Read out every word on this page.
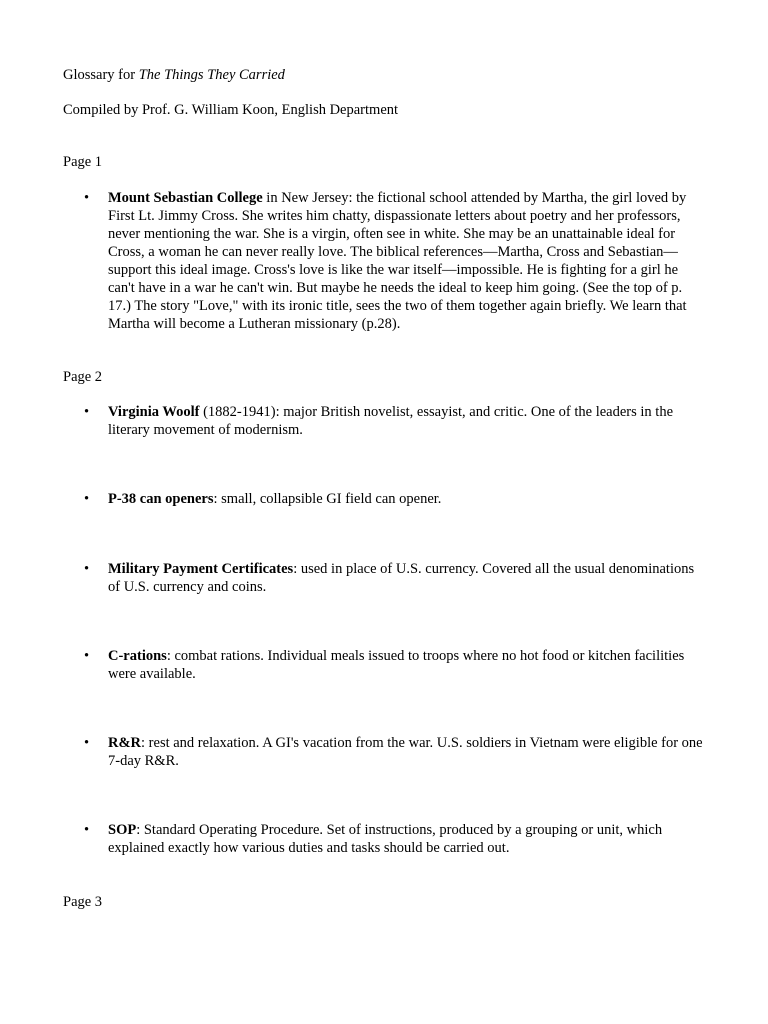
Glossary for The Things They Carried
Compiled by Prof. G. William Koon, English Department
Page 1
•	Mount Sebastian College in New Jersey: the fictional school attended by Martha, the girl loved by First Lt. Jimmy Cross. She writes him chatty, dispassionate letters about poetry and her professors, never mentioning the war. She is a virgin, often see in white. She may be an unattainable ideal for Cross, a woman he can never really love. The biblical references—Martha, Cross and Sebastian—support this ideal image. Cross's love is like the war itself—impossible. He is fighting for a girl he can't have in a war he can't win. But maybe he needs the ideal to keep him going. (See the top of p. 17.) The story "Love," with its ironic title, sees the two of them together again briefly. We learn that Martha will become a Lutheran missionary (p.28).
Page 2
•	Virginia Woolf (1882-1941): major British novelist, essayist, and critic. One of the leaders in the literary movement of modernism.
•	P-38 can openers: small, collapsible GI field can opener.
•	Military Payment Certificates: used in place of U.S. currency. Covered all the usual denominations of U.S. currency and coins.
•	C-rations: combat rations. Individual meals issued to troops where no hot food or kitchen facilities were available.
•	R&R: rest and relaxation. A GI's vacation from the war. U.S. soldiers in Vietnam were eligible for one 7-day R&R.
•	SOP: Standard Operating Procedure. Set of instructions, produced by a grouping or unit, which explained exactly how various duties and tasks should be carried out.
Page 3
